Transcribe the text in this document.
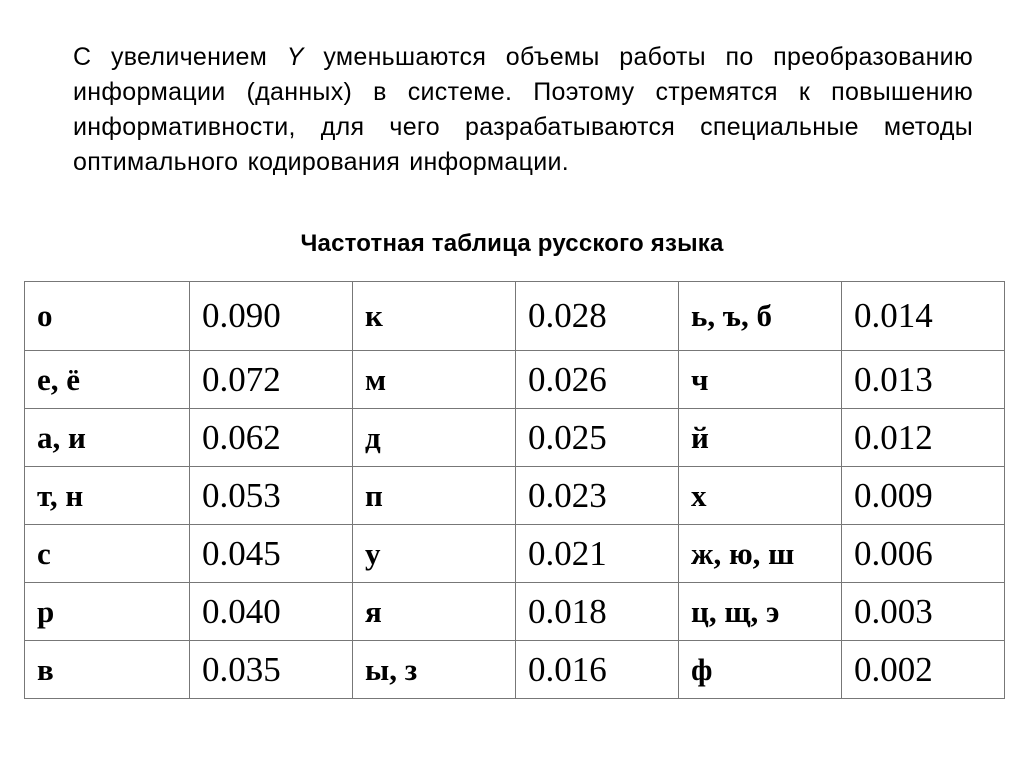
С увеличением Y уменьшаются объемы работы по преобразованию информации (данных) в системе. Поэтому стремятся к повышению информативности, для чего разрабатываются специальные методы оптимального кодирования информации.

Частотная таблица русского языка
о	0.090	к	0.028	ь, ъ, б	0.014
е, ё	0.072	м	0.026	ч	0.013
а, и	0.062	д	0.025	й	0.012
т, н	0.053	п	0.023	х	0.009
с	0.045	у	0.021	ж, ю, ш	0.006
р	0.040	я	0.018	ц, щ, э	0.003
в	0.035	ы, з	0.016	ф	0.002
